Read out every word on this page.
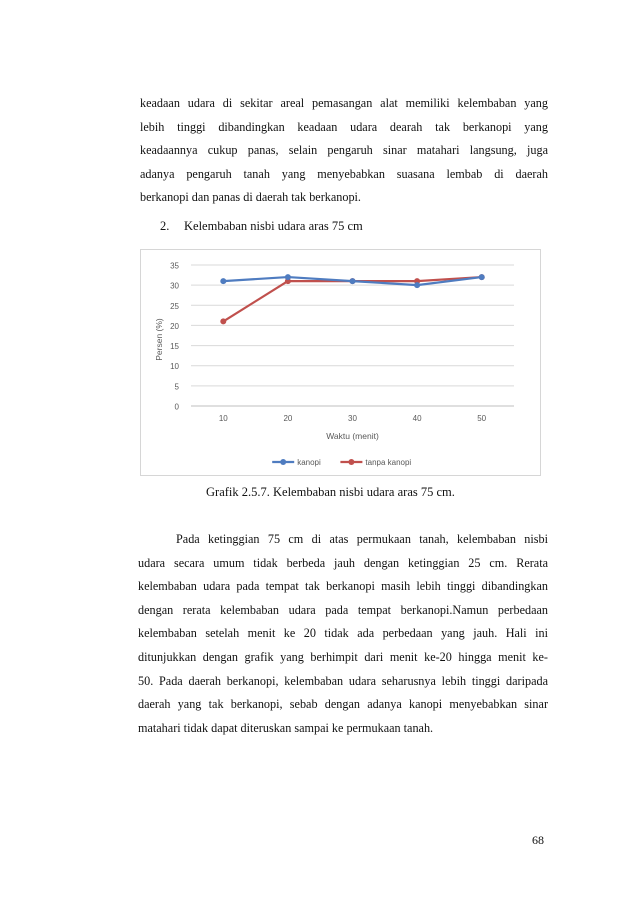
keadaan udara di sekitar areal pemasangan alat memiliki kelembaban yang
lebih tinggi dibandingkan keadaan udara dearah tak berkanopi yang
keadaannya cukup panas, selain pengaruh sinar matahari langsung, juga
adanya pengaruh tanah yang menyebabkan suasana lembab di daerah
berkanopi dan panas di daerah tak berkanopi.
2. Kelembaban nisbi udara aras 75 cm
0
5
10
15
20
25
30
35
10	20	30	40	50
Waktu (menit)
Persen (%)
kanopi	tanpa kanopi
Grafik 2.5.7. Kelembaban nisbi udara aras 75 cm.
Pada ketinggian 75 cm di atas permukaan tanah, kelembaban nisbi
udara secara umum tidak berbeda jauh dengan ketinggian 25 cm. Rerata
kelembaban udara pada tempat tak berkanopi masih lebih tinggi dibandingkan
dengan rerata kelembaban udara pada tempat berkanopi.Namun perbedaan
kelembaban setelah menit ke 20 tidak ada perbedaan yang jauh. Hali ini
ditunjukkan dengan grafik yang berhimpit dari menit ke-20 hingga menit ke-
50. Pada daerah berkanopi, kelembaban udara seharusnya lebih tinggi daripada
daerah yang tak berkanopi, sebab dengan adanya kanopi menyebabkan sinar
matahari tidak dapat diteruskan sampai ke permukaan tanah.
68
